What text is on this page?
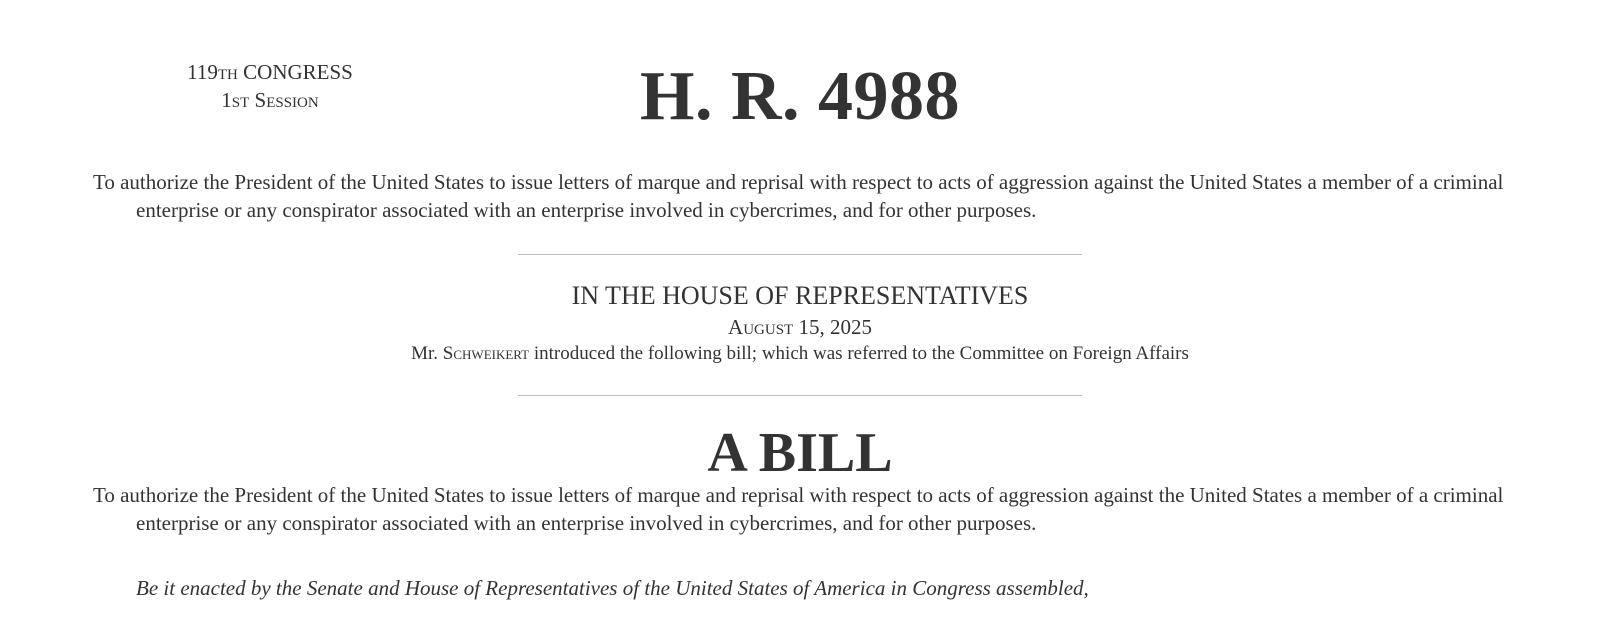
119th CONGRESS
1st Session	H. R. 4988
To authorize the President of the United States to issue letters of marque and reprisal with respect to acts of aggression against the United States a member of a criminal enterprise or any conspirator associated with an enterprise involved in cybercrimes, and for other purposes.
IN THE HOUSE OF REPRESENTATIVES
August 15, 2025
Mr. Schweikert introduced the following bill; which was referred to the Committee on Foreign Affairs
A BILL
To authorize the President of the United States to issue letters of marque and reprisal with respect to acts of aggression against the United States a member of a criminal enterprise or any conspirator associated with an enterprise involved in cybercrimes, and for other purposes.
Be it enacted by the Senate and House of Representatives of the United States of America in Congress assembled,
